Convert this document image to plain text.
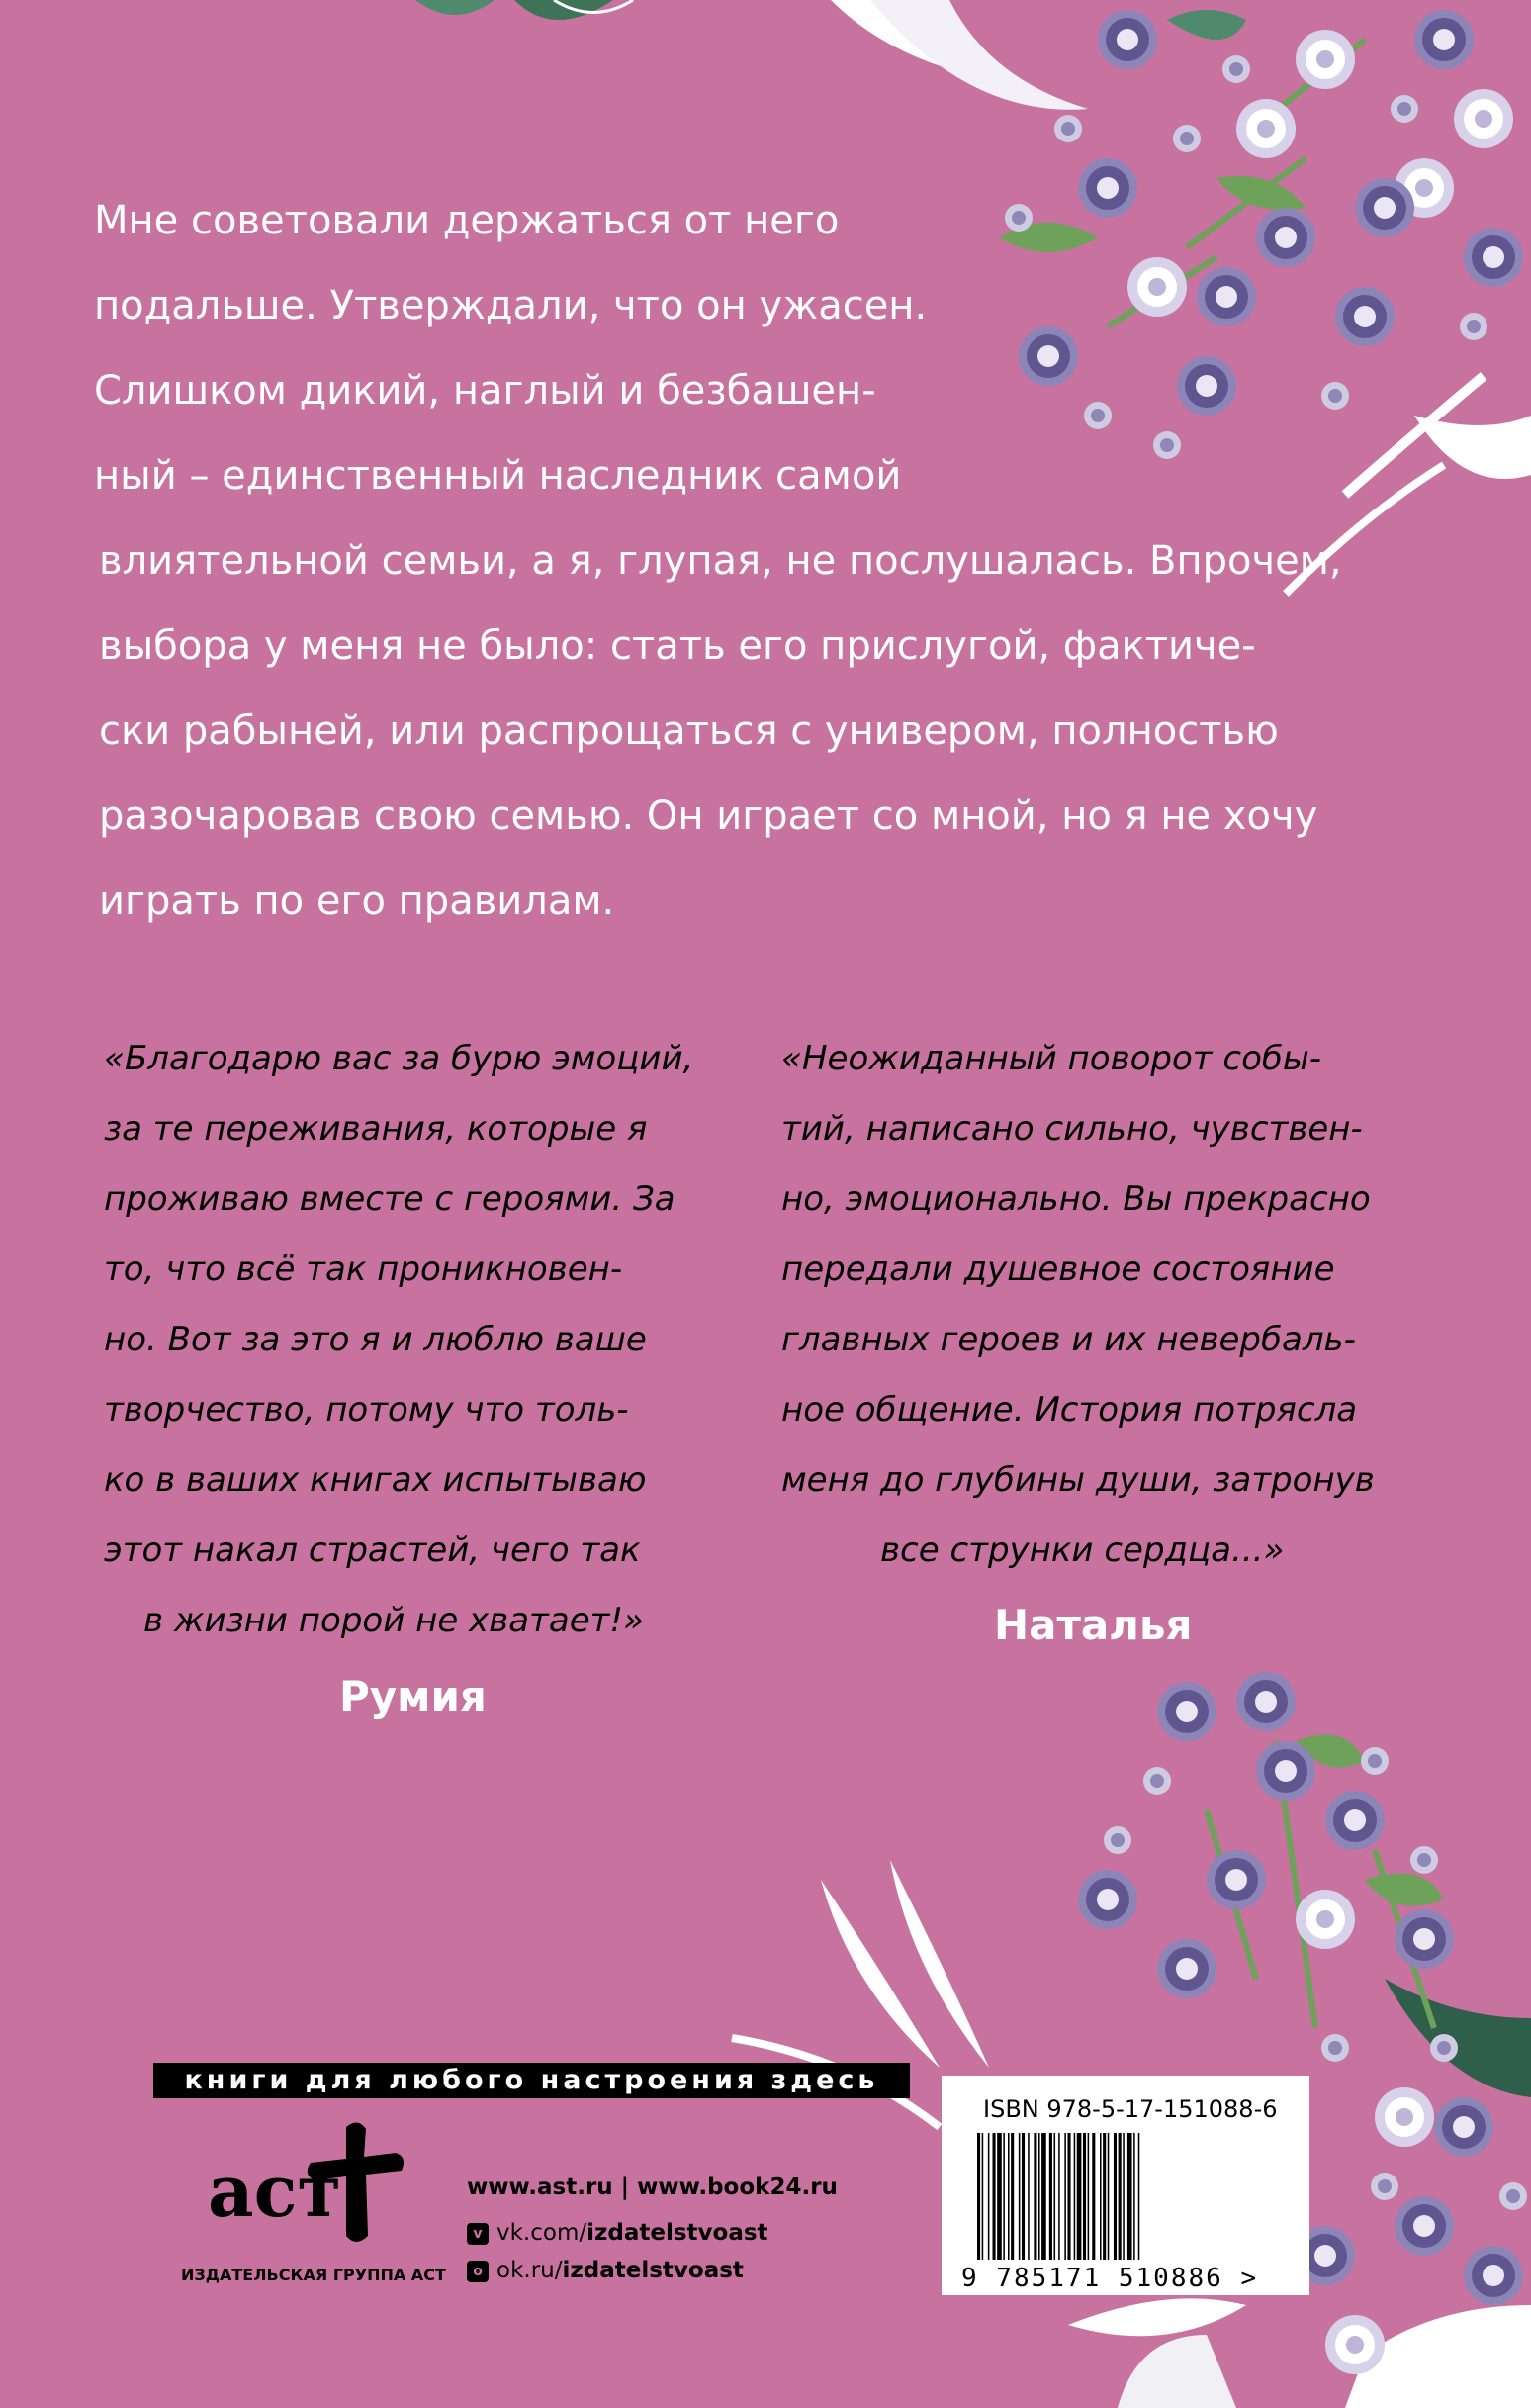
Мне советовали держаться от него
подальше. Утверждали, что он ужасен.
Слишком дикий, наглый и безбашен-
ный – единственный наследник самой
влиятельной семьи, а я, глупая, не послушалась. Впрочем,
выбора у меня не было: стать его прислугой, фактиче-
ски рабыней, или распрощаться с универом, полностью
разочаровав свою семью. Он играет со мной, но я не хочу
играть по его правилам.
«Благодарю вас за бурю эмоций,
за те переживания, которые я
проживаю вместе с героями. За
то, что всё так проникновен-
но. Вот за это я и люблю ваше
творчество, потому что толь-
ко в ваших книгах испытываю
этот накал страстей, чего так
в жизни порой не хватает!»
Румия
«Неожиданный поворот собы-
тий, написано сильно, чувствен-
но, эмоционально. Вы прекрасно
передали душевное состояние
главных героев и их невербаль-
ное общение. История потрясла
меня до глубины души, затронув
все струнки сердца...»
Наталья
книги для любого настроения здесь
аст
ИЗДАТЕЛЬСКАЯ ГРУППА АСТ
www.ast.ru | www.book24.ru
v vk.com/izdatelstvoast
o ok.ru/izdatelstvoast
ISBN 978-5-17-151088-6
9 785171 510886 >
